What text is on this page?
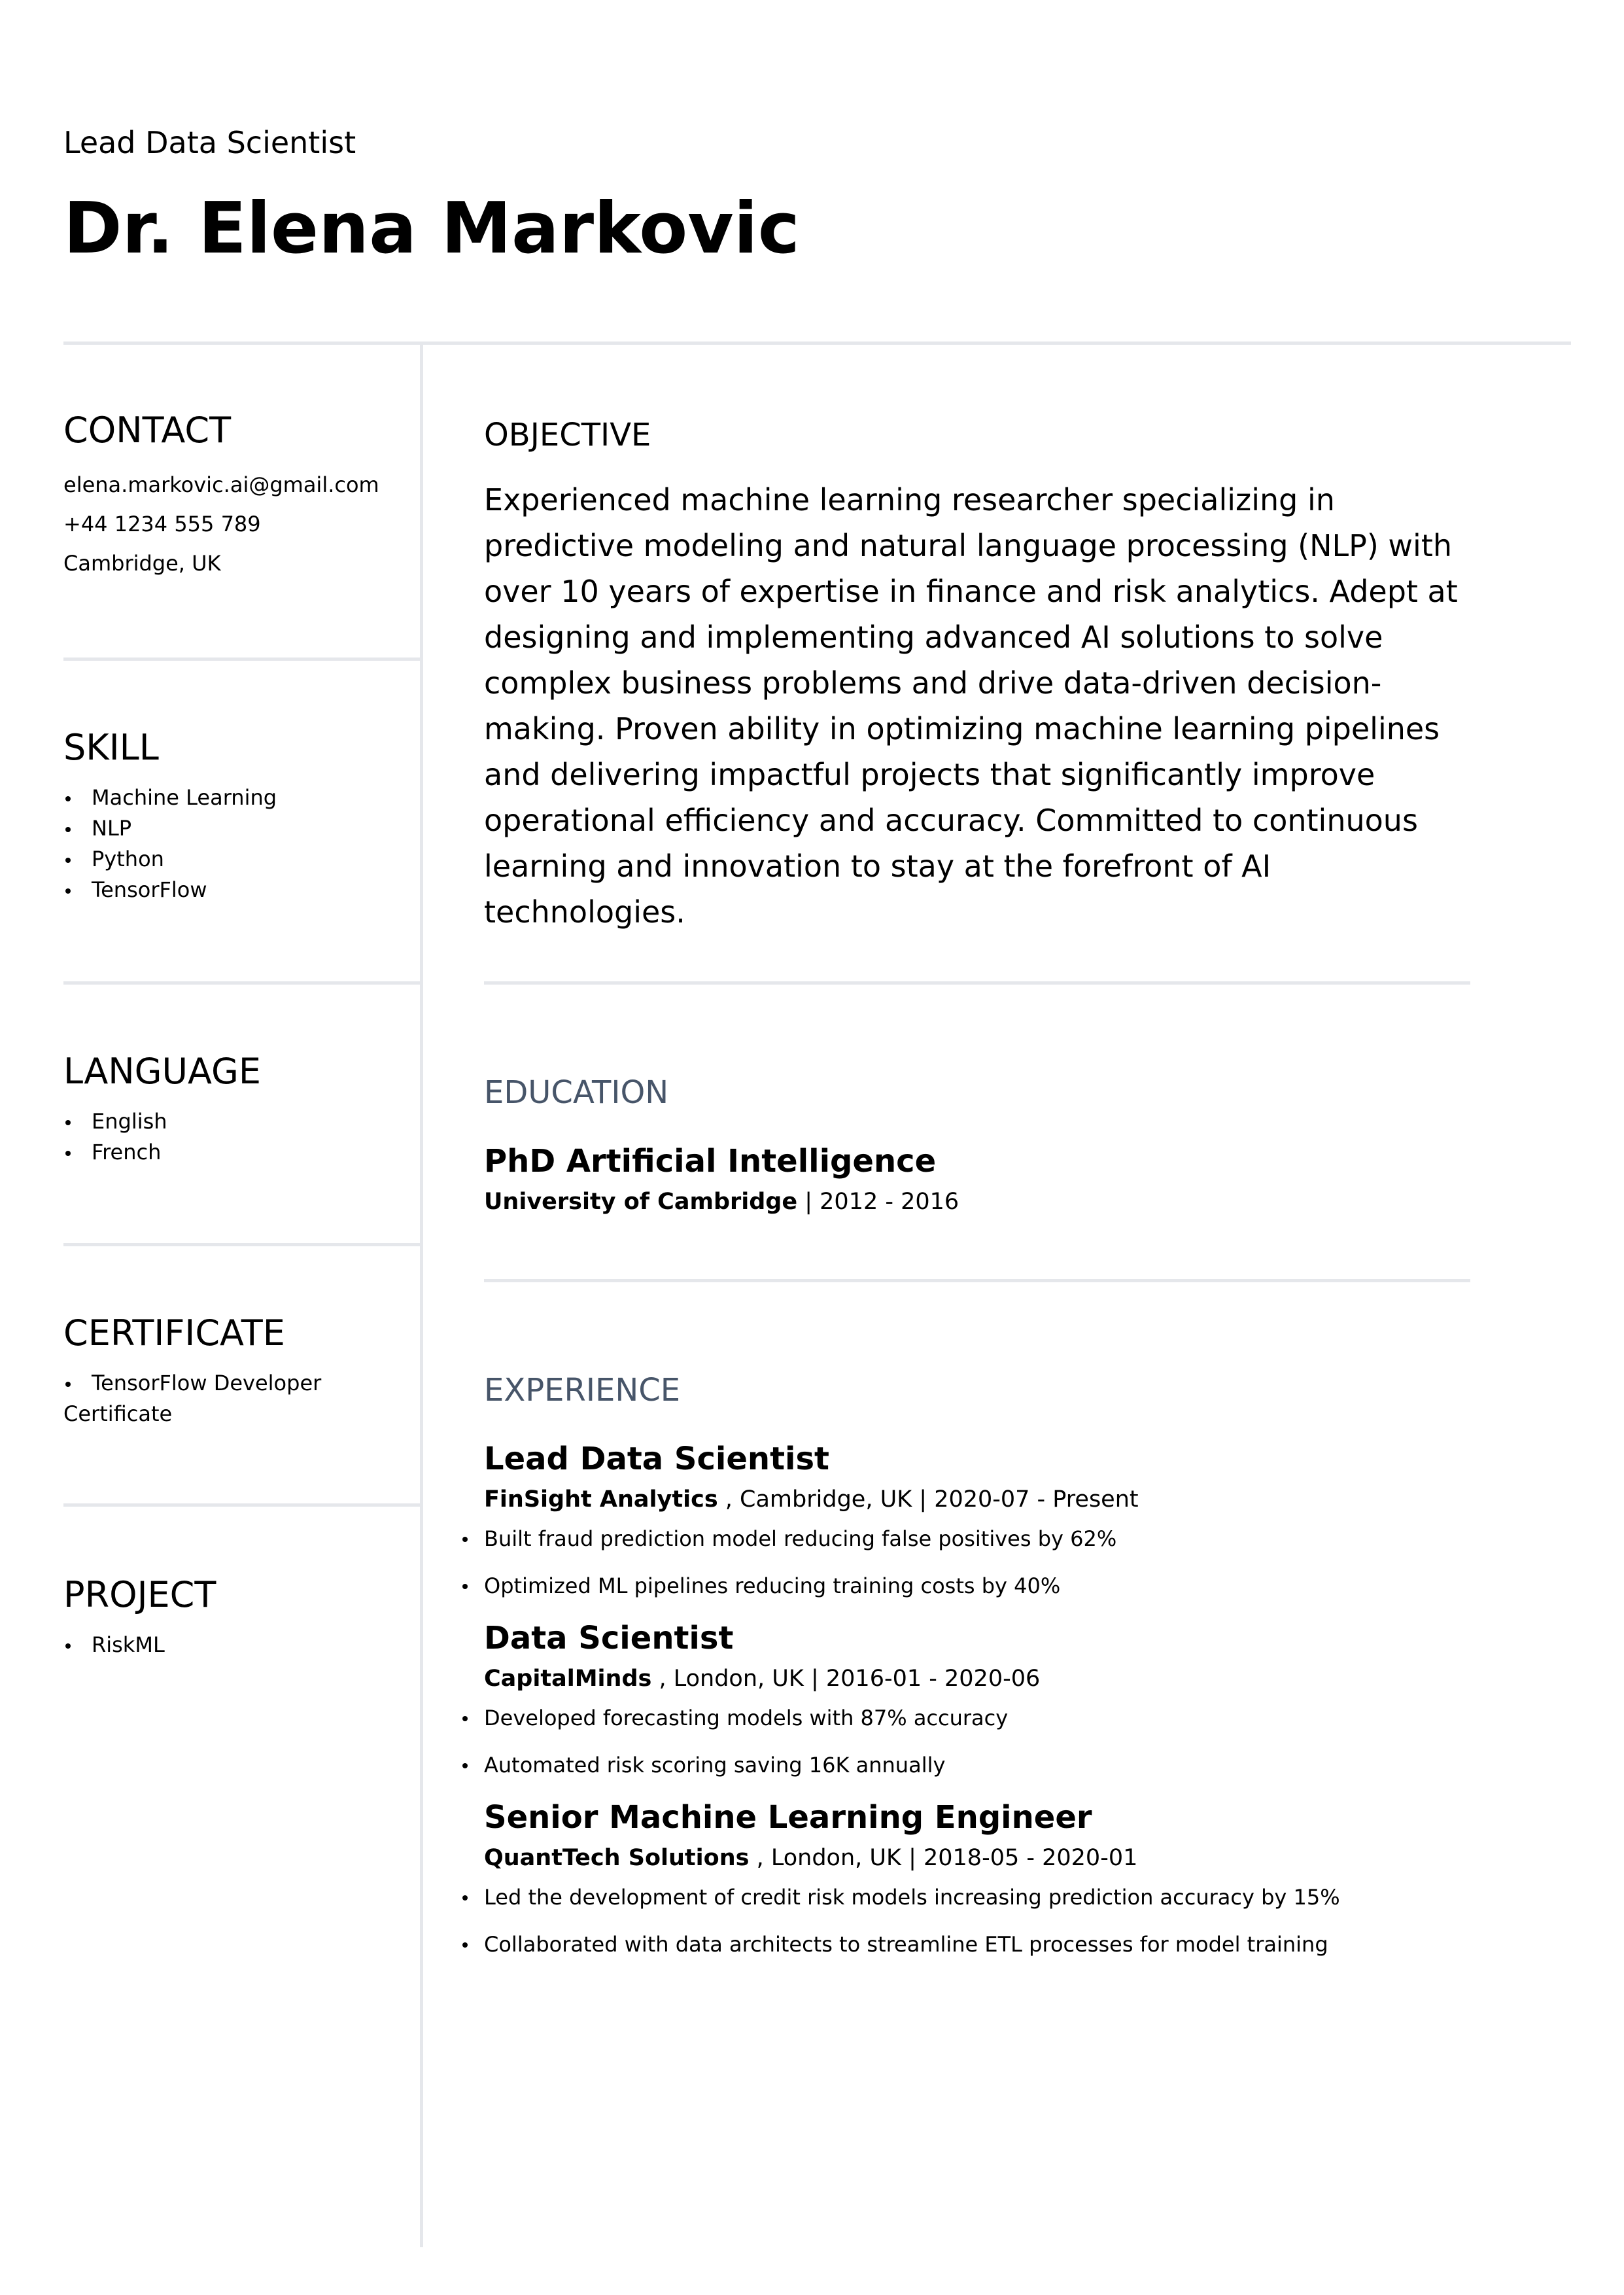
Lead Data Scientist
Dr. Elena Markovic
CONTACT
elena.markovic.ai@gmail.com
+44 1234 555 789
Cambridge, UK
SKILL
Machine Learning
NLP
Python
TensorFlow
LANGUAGE
English
French
CERTIFICATE
TensorFlow Developer Certificate
PROJECT
RiskML
OBJECTIVE

Experienced machine learning researcher specializing in predictive modeling and natural language processing (NLP) with over 10 years of expertise in finance and risk analytics. Adept at designing and implementing advanced AI solutions to solve complex business problems and drive data-driven decision-making. Proven ability in optimizing machine learning pipelines and delivering impactful projects that significantly improve operational efficiency and accuracy. Committed to continuous learning and innovation to stay at the forefront of AI technologies.

EDUCATION
PhD Artificial Intelligence
University of Cambridge | 2012 - 2016
EXPERIENCE
Lead Data Scientist
FinSight Analytics , Cambridge, UK | 2020-07 - Present
Built fraud prediction model reducing false positives by 62%
Optimized ML pipelines reducing training costs by 40%
Data Scientist
CapitalMinds , London, UK | 2016-01 - 2020-06
Developed forecasting models with 87% accuracy
Automated risk scoring saving 16K annually
Senior Machine Learning Engineer
QuantTech Solutions , London, UK | 2018-05 - 2020-01
Led the development of credit risk models increasing prediction accuracy by 15%
Collaborated with data architects to streamline ETL processes for model training
